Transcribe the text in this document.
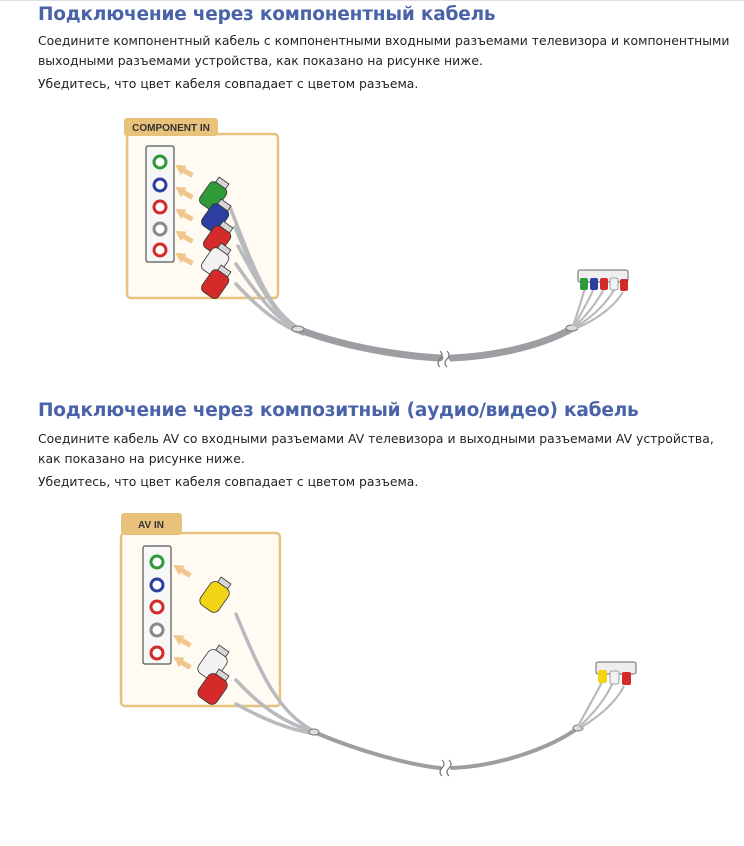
Подключение через компонентный кабель

Соедините компонентный кабель с компонентными входными разъемами телевизора и компонентными выходными разъемами устройства, как показано на рисунке ниже.

Убедитесь, что цвет кабеля совпадает с цветом разъема.

COMPONENT IN
Подключение через композитный (аудио/видео) кабель

Соедините кабель AV со входными разъемами AV телевизора и выходными разъемами AV устройства, как показано на рисунке ниже.

Убедитесь, что цвет кабеля совпадает с цветом разъема.

AV IN
